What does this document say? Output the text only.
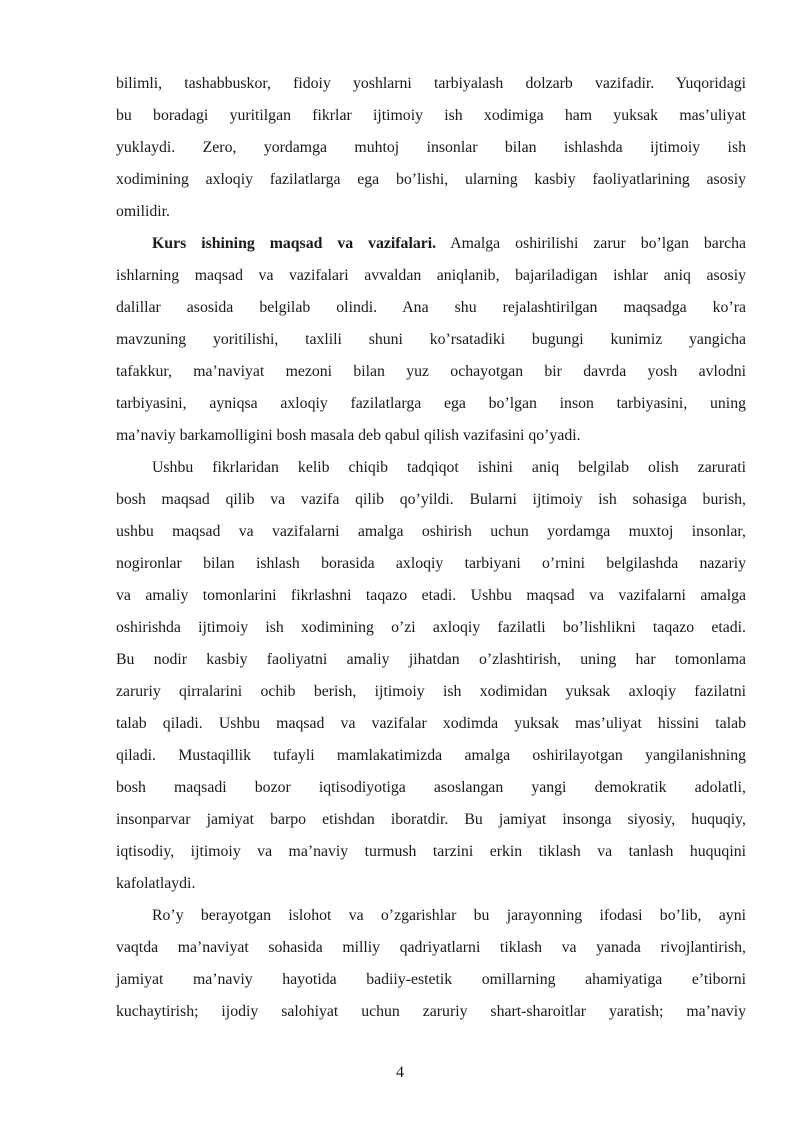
bilimli, tashabbuskor, fidoiy yoshlarni tarbiyalash dolzarb vazifadir. Yuqoridagi
bu boradagi yuritilgan fikrlar ijtimoiy ish xodimiga ham yuksak mas’uliyat
yuklaydi. Zero, yordamga muhtoj insonlar bilan ishlashda ijtimoiy ish
xodimining axloqiy fazilatlarga ega bo’lishi, ularning kasbiy faoliyatlarining asosiy
omilidir.
Kurs ishining maqsad va vazifalari. Amalga oshirilishi zarur bo’lgan barcha
ishlarning maqsad va vazifalari avvaldan aniqlanib, bajariladigan ishlar aniq asosiy
dalillar asosida belgilab olindi. Ana shu rejalashtirilgan maqsadga ko’ra
mavzuning yoritilishi, taxlili shuni ko’rsatadiki bugungi kunimiz yangicha
tafakkur, ma’naviyat mezoni bilan yuz ochayotgan bir davrda yosh avlodni
tarbiyasini, ayniqsa axloqiy fazilatlarga ega bo’lgan inson tarbiyasini, uning
ma’naviy barkamolligini bosh masala deb qabul qilish vazifasini qo’yadi.
Ushbu fikrlaridan kelib chiqib tadqiqot ishini aniq belgilab olish zarurati
bosh maqsad qilib va vazifa qilib qo’yildi. Bularni ijtimoiy ish sohasiga burish,
ushbu maqsad va vazifalarni amalga oshirish uchun yordamga muxtoj insonlar,
nogironlar bilan ishlash borasida axloqiy tarbiyani o’rnini belgilashda nazariy
va amaliy tomonlarini fikrlashni taqazo etadi. Ushbu maqsad va vazifalarni amalga
oshirishda ijtimoiy ish xodimining o’zi axloqiy fazilatli bo’lishlikni taqazo etadi.
Bu nodir kasbiy faoliyatni amaliy jihatdan o’zlashtirish, uning har tomonlama
zaruriy qirralarini ochib berish, ijtimoiy ish xodimidan yuksak axloqiy fazilatni
talab qiladi. Ushbu maqsad va vazifalar xodimda yuksak mas’uliyat hissini talab
qiladi. Mustaqillik tufayli mamlakatimizda amalga oshirilayotgan yangilanishning
bosh maqsadi bozor iqtisodiyotiga asoslangan yangi demokratik adolatli,
insonparvar jamiyat barpo etishdan iboratdir. Bu jamiyat insonga siyosiy, huquqiy,
iqtisodiy, ijtimoiy va ma’naviy turmush tarzini erkin tiklash va tanlash huquqini
kafolatlaydi.
Ro’y berayotgan islohot va o’zgarishlar bu jarayonning ifodasi bo’lib, ayni
vaqtda ma’naviyat sohasida milliy qadriyatlarni tiklash va yanada rivojlantirish,
jamiyat ma’naviy hayotida badiiy-estetik omillarning ahamiyatiga e’tiborni
kuchaytirish; ijodiy salohiyat uchun zaruriy shart-sharoitlar yaratish; ma’naviy
4
